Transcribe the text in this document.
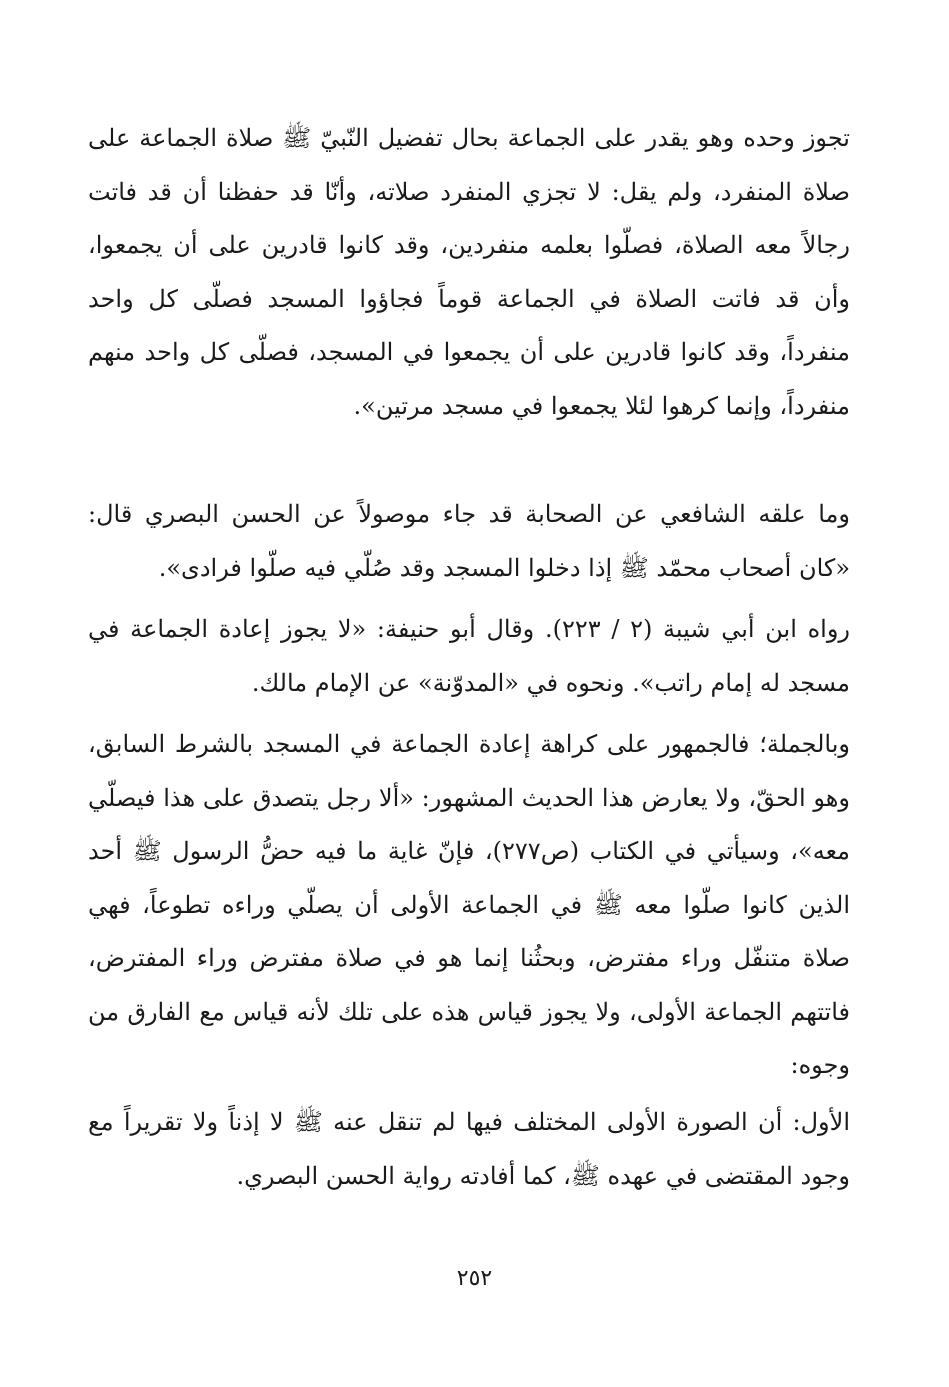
تجوز وحده وهو يقدر على الجماعة بحال تفضيل النّبيّ ﷺ صلاة الجماعة على صلاة المنفرد، ولم يقل: لا تجزي المنفرد صلاته، وأنّا قد حفظنا أن قد فاتت رجالاً معه الصلاة، فصلّوا بعلمه منفردين، وقد كانوا قادرين على أن يجمعوا، وأن قد فاتت الصلاة في الجماعة قوماً فجاؤوا المسجد فصلّى كل واحد منفرداً، وقد كانوا قادرين على أن يجمعوا في المسجد، فصلّى كل واحد منهم منفرداً، وإنما كرهوا لئلا يجمعوا في مسجد مرتين».

وما علقه الشافعي عن الصحابة قد جاء موصولاً عن الحسن البصري قال: «كان أصحاب محمّد ﷺ إذا دخلوا المسجد وقد صُلّي فيه صلّوا فرادى».

رواه ابن أبي شيبة (٢ / ٢٢٣). وقال أبو حنيفة: «لا يجوز إعادة الجماعة في مسجد له إمام راتب». ونحوه في «المدوّنة» عن الإمام مالك.

وبالجملة؛ فالجمهور على كراهة إعادة الجماعة في المسجد بالشرط السابق، وهو الحقّ، ولا يعارض هذا الحديث المشهور: «ألا رجل يتصدق على هذا فيصلّي معه»، وسيأتي في الكتاب (ص٢٧٧)، فإنّ غاية ما فيه حضُّ الرسول ﷺ أحد الذين كانوا صلّوا معه ﷺ في الجماعة الأولى أن يصلّي وراءه تطوعاً، فهي صلاة متنفّل وراء مفترض، وبحثُنا إنما هو في صلاة مفترض وراء المفترض، فاتتهم الجماعة الأولى، ولا يجوز قياس هذه على تلك لأنه قياس مع الفارق من وجوه:

الأول: أن الصورة الأولى المختلف فيها لم تنقل عنه ﷺ لا إذناً ولا تقريراً مع وجود المقتضى في عهده ﷺ، كما أفادته رواية الحسن البصري.

٢٥٢
